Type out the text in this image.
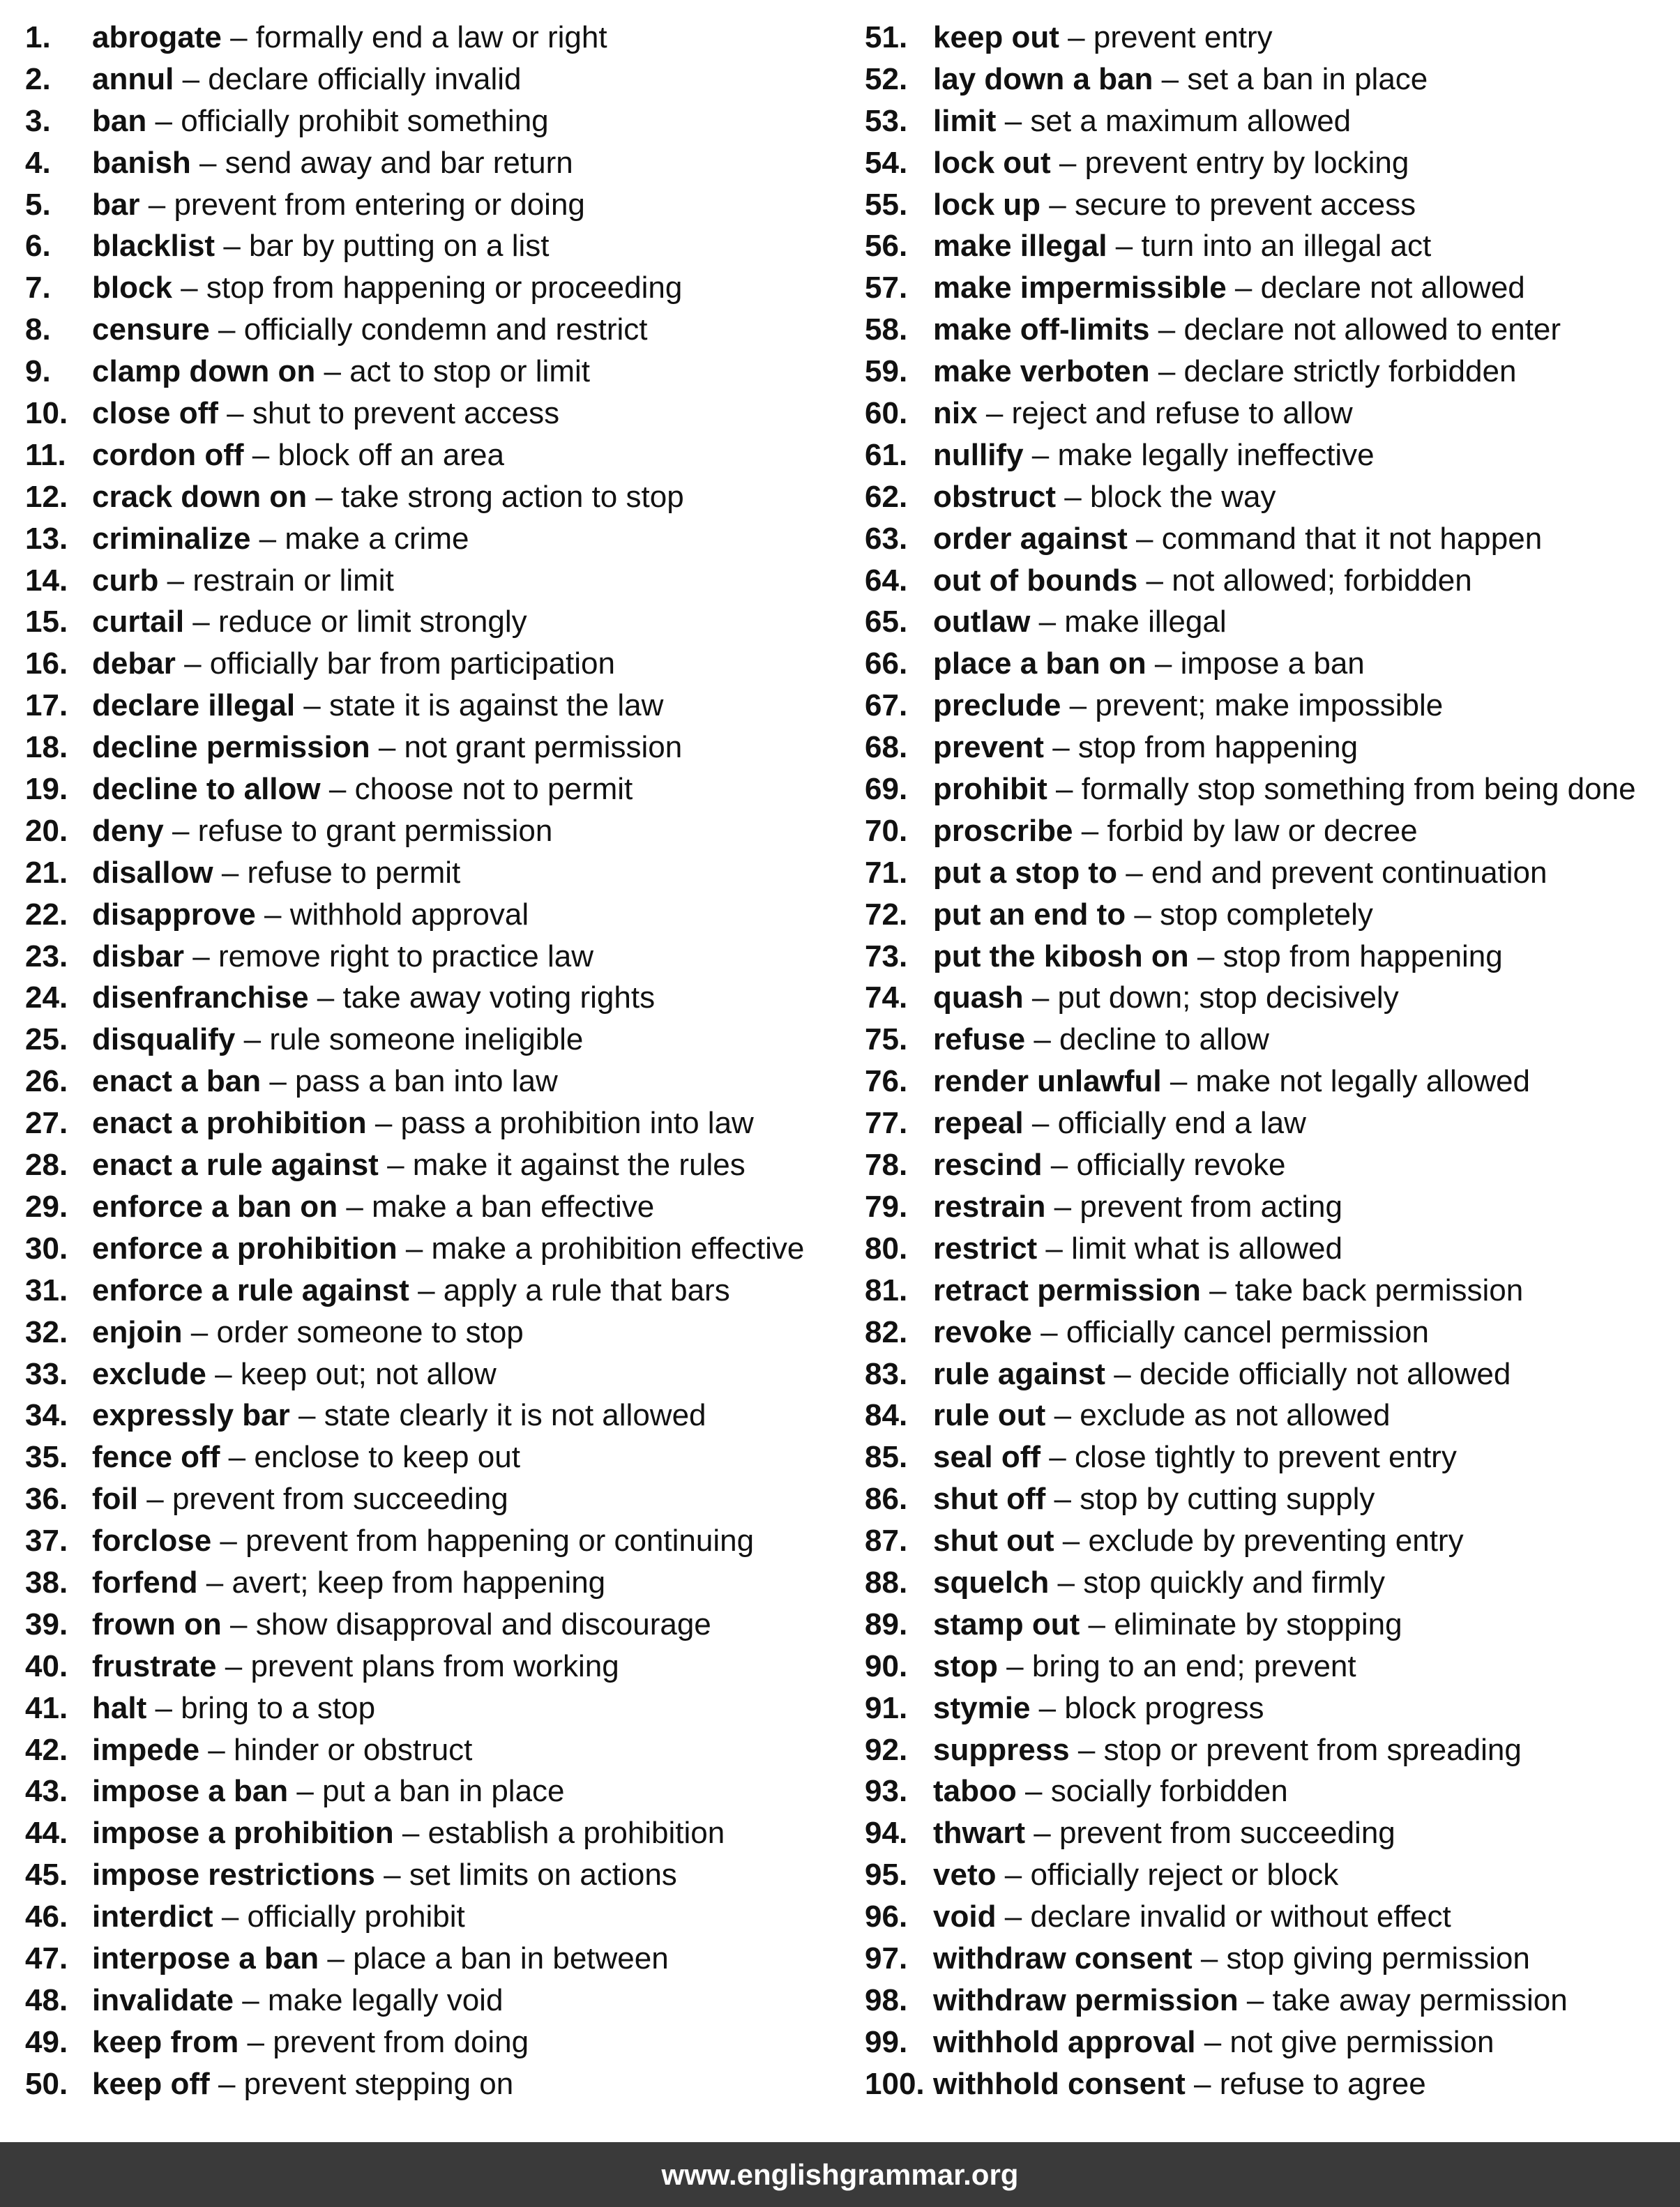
1.	abrogate – formally end a law or right
2.	annul – declare officially invalid
3.	ban – officially prohibit something
4.	banish – send away and bar return
5.	bar – prevent from entering or doing
6.	blacklist – bar by putting on a list
7.	block – stop from happening or proceeding
8.	censure – officially condemn and restrict
9.	clamp down on – act to stop or limit
10. close off – shut to prevent access
11. cordon off – block off an area
12. crack down on – take strong action to stop
13. criminalize – make a crime
14. curb – restrain or limit
15. curtail – reduce or limit strongly
16. debar – officially bar from participation
17. declare illegal – state it is against the law
18. decline permission – not grant permission
19. decline to allow – choose not to permit
20. deny – refuse to grant permission
21. disallow – refuse to permit
22. disapprove – withhold approval
23. disbar – remove right to practice law
24. disenfranchise – take away voting rights
25. disqualify – rule someone ineligible
26. enact a ban – pass a ban into law
27. enact a prohibition – pass a prohibition into law
28. enact a rule against – make it against the rules
29. enforce a ban on – make a ban effective
30. enforce a prohibition – make a prohibition effective
31. enforce a rule against – apply a rule that bars
32. enjoin – order someone to stop
33. exclude – keep out; not allow
34. expressly bar – state clearly it is not allowed
35. fence off – enclose to keep out
36. foil – prevent from succeeding
37. forclose – prevent from happening or continuing
38. forfend – avert; keep from happening
39. frown on – show disapproval and discourage
40. frustrate – prevent plans from working
41. halt – bring to a stop
42. impede – hinder or obstruct
43. impose a ban – put a ban in place
44. impose a prohibition – establish a prohibition
45. impose restrictions – set limits on actions
46. interdict – officially prohibit
47. interpose a ban – place a ban in between
48. invalidate – make legally void
49. keep from – prevent from doing
50. keep off – prevent stepping on
51. keep out – prevent entry
52. lay down a ban – set a ban in place
53. limit – set a maximum allowed
54. lock out – prevent entry by locking
55. lock up – secure to prevent access
56. make illegal – turn into an illegal act
57. make impermissible – declare not allowed
58. make off-limits – declare not allowed to enter
59. make verboten – declare strictly forbidden
60. nix – reject and refuse to allow
61. nullify – make legally ineffective
62. obstruct – block the way
63. order against – command that it not happen
64. out of bounds – not allowed; forbidden
65. outlaw – make illegal
66. place a ban on – impose a ban
67. preclude – prevent; make impossible
68. prevent – stop from happening
69. prohibit – formally stop something from being done
70. proscribe – forbid by law or decree
71. put a stop to – end and prevent continuation
72. put an end to – stop completely
73. put the kibosh on – stop from happening
74. quash – put down; stop decisively
75. refuse – decline to allow
76. render unlawful – make not legally allowed
77. repeal – officially end a law
78. rescind – officially revoke
79. restrain – prevent from acting
80. restrict – limit what is allowed
81. retract permission – take back permission
82. revoke – officially cancel permission
83. rule against – decide officially not allowed
84. rule out – exclude as not allowed
85. seal off – close tightly to prevent entry
86. shut off – stop by cutting supply
87. shut out – exclude by preventing entry
88. squelch – stop quickly and firmly
89. stamp out – eliminate by stopping
90. stop – bring to an end; prevent
91. stymie – block progress
92. suppress – stop or prevent from spreading
93. taboo – socially forbidden
94. thwart – prevent from succeeding
95. veto – officially reject or block
96. void – declare invalid or without effect
97. withdraw consent – stop giving permission
98. withdraw permission – take away permission
99. withhold approval – not give permission
100. withhold consent – refuse to agree
www.englishgrammar.org
